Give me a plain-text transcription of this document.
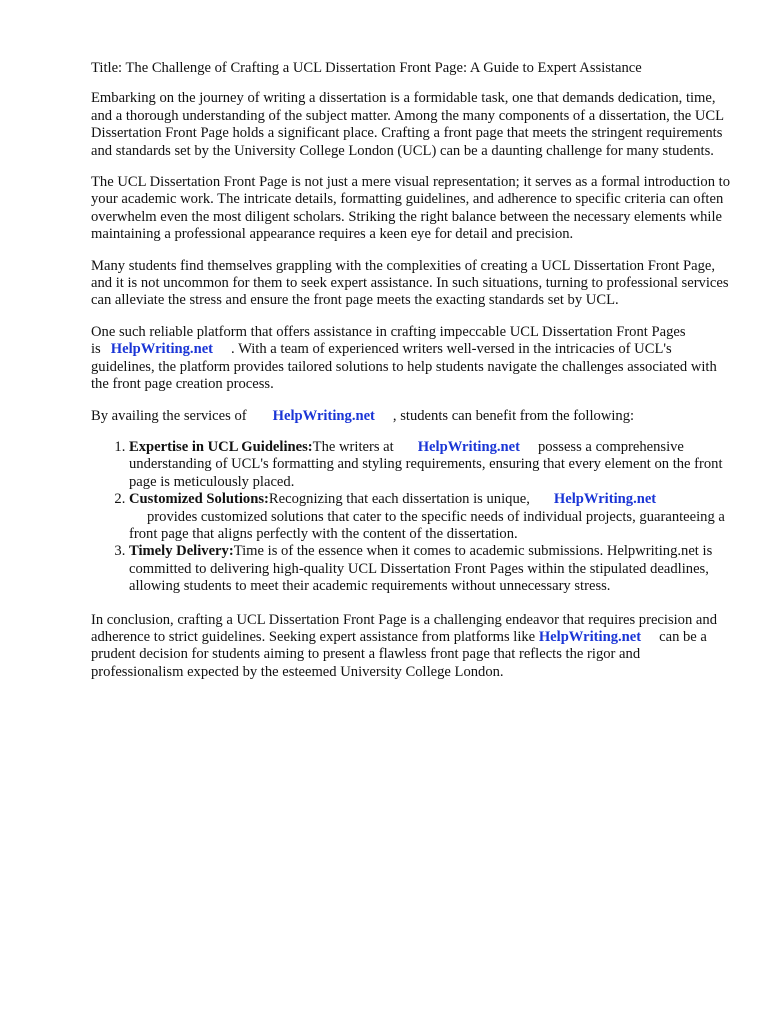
Title: The Challenge of Crafting a UCL Dissertation Front Page: A Guide to Expert Assistance

Embarking on the journey of writing a dissertation is a formidable task, one that demands dedication, time, and a thorough understanding of the subject matter. Among the many components of a dissertation, the UCL Dissertation Front Page holds a significant place. Crafting a front page that meets the stringent requirements and standards set by the University College London (UCL) can be a daunting challenge for many students.

The UCL Dissertation Front Page is not just a mere visual representation; it serves as a formal introduction to your academic work. The intricate details, formatting guidelines, and adherence to specific criteria can often overwhelm even the most diligent scholars. Striking the right balance between the necessary elements while maintaining a professional appearance requires a keen eye for detail and precision.

Many students find themselves grappling with the complexities of creating a UCL Dissertation Front Page, and it is not uncommon for them to seek expert assistance. In such situations, turning to professional services can alleviate the stress and ensure the front page meets the exacting standards set by UCL.

One such reliable platform that offers assistance in crafting impeccable UCL Dissertation Front Pages is HelpWriting.net . With a team of experienced writers well-versed in the intricacies of UCL's guidelines, the platform provides tailored solutions to help students navigate the challenges associated with the front page creation process.

By availing the services of HelpWriting.net , students can benefit from the following:

1. Expertise in UCL Guidelines:The writers at HelpWriting.net possess a comprehensive understanding of UCL's formatting and styling requirements, ensuring that every element on the front page is meticulously placed.
2. Customized Solutions:Recognizing that each dissertation is unique, HelpWriting.net
provides customized solutions that cater to the specific needs of individual projects, guaranteeing a front page that aligns perfectly with the content of the dissertation.
3. Timely Delivery:Time is of the essence when it comes to academic submissions. Helpwriting.net is committed to delivering high-quality UCL Dissertation Front Pages within the stipulated deadlines, allowing students to meet their academic requirements without unnecessary stress.

In conclusion, crafting a UCL Dissertation Front Page is a challenging endeavor that requires precision and adherence to strict guidelines. Seeking expert assistance from platforms like HelpWriting.net can be a prudent decision for students aiming to present a flawless front page that reflects the rigor and professionalism expected by the esteemed University College London.
